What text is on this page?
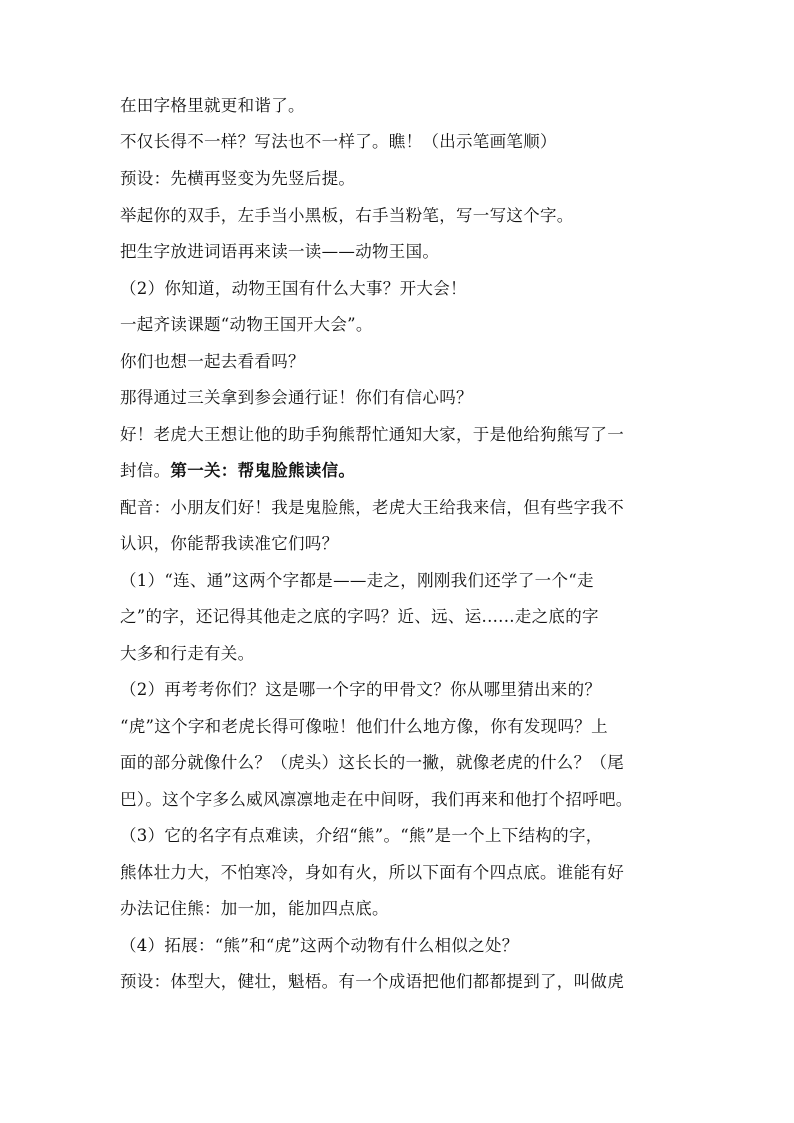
在田字格里就更和谐了。
不仅长得不一样？写法也不一样了。瞧！（出示笔画笔顺）
预设：先横再竖变为先竖后提。
举起你的双手，左手当小黑板，右手当粉笔，写一写这个字。
把生字放进词语再来读一读——动物王国。
（2）你知道，动物王国有什么大事？开大会！
一起齐读课题“动物王国开大会”。
你们也想一起去看看吗？
那得通过三关拿到参会通行证！你们有信心吗？
好！老虎大王想让他的助手狗熊帮忙通知大家，于是他给狗熊写了一
封信。第一关：帮鬼脸熊读信。
配音：小朋友们好！我是鬼脸熊，老虎大王给我来信，但有些字我不
认识，你能帮我读准它们吗？
（1）“连、通”这两个字都是——走之，刚刚我们还学了一个“走
之”的字，还记得其他走之底的字吗？近、远、运......走之底的字
大多和行走有关。
（2）再考考你们？这是哪一个字的甲骨文？你从哪里猜出来的？
“虎”这个字和老虎长得可像啦！他们什么地方像，你有发现吗？上
面的部分就像什么？（虎头）这长长的一撇，就像老虎的什么？（尾
巴）。这个字多么威风凛凛地走在中间呀，我们再来和他打个招呼吧。
（3）它的名字有点难读，介绍“熊”。“熊”是一个上下结构的字，
熊体壮力大，不怕寒冷，身如有火，所以下面有个四点底。谁能有好
办法记住熊：加一加，能加四点底。
（4）拓展：“熊”和“虎”这两个动物有什么相似之处？
预设：体型大，健壮，魁梧。有一个成语把他们都都提到了，叫做虎
